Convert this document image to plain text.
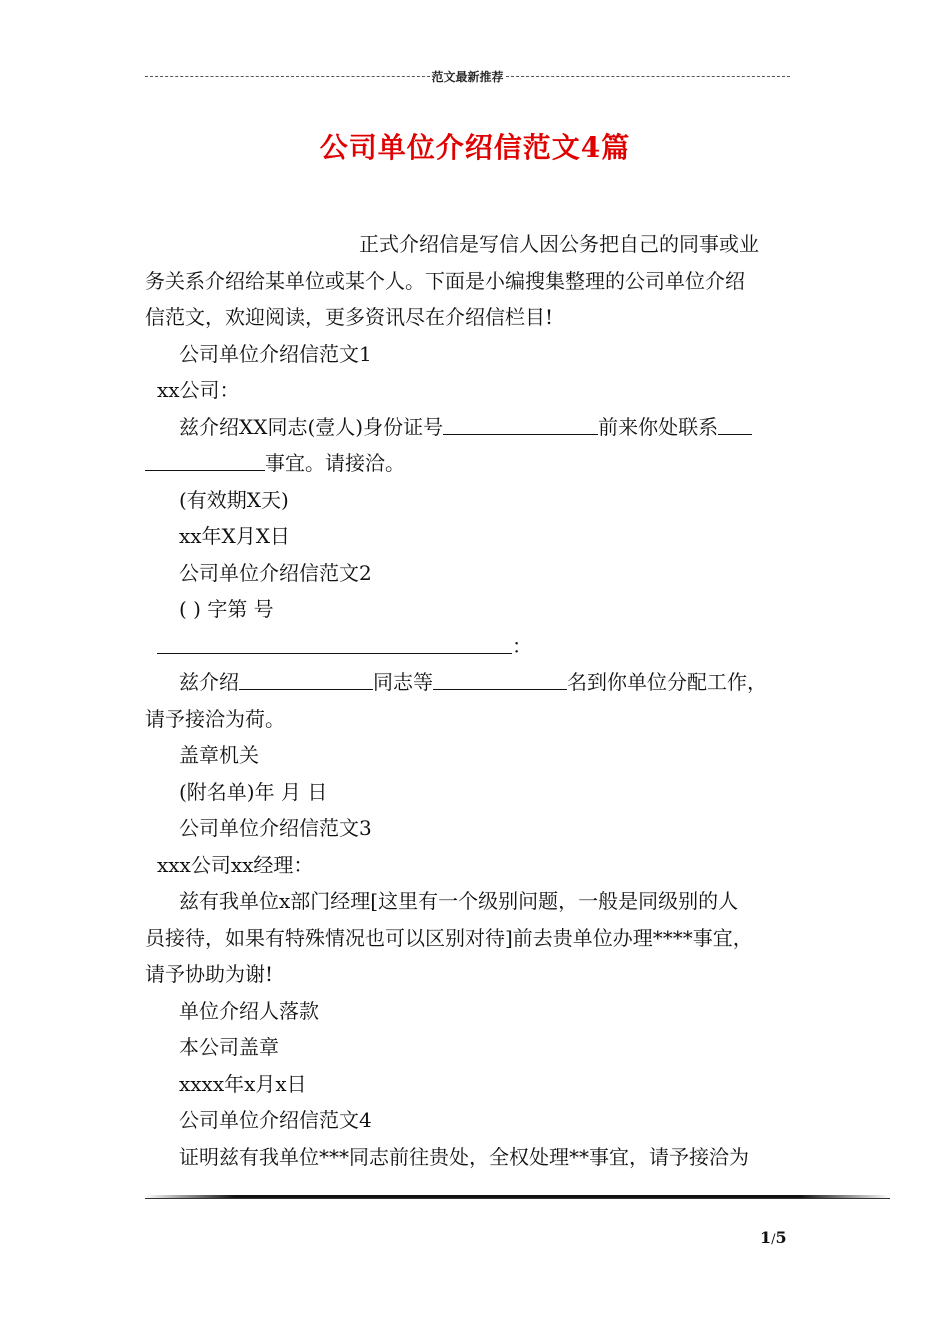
范文最新推荐
公司单位介绍信范文4篇
正式介绍信是写信人因公务把自己的同事或业
务关系介绍给某单位或某个人。下面是小编搜集整理的公司单位介绍
信范文，欢迎阅读，更多资讯尽在介绍信栏目!
公司单位介绍信范文1
xx公司：
兹介绍XX同志(壹人)身份证号	前来你处联系
事宜。请接洽。
(有效期X天)
xx年X月X日
公司单位介绍信范文2
( ) 字第 号
：
兹介绍	同志等	名到你单位分配工作，
请予接洽为荷。
盖章机关
(附名单)年 月 日
公司单位介绍信范文3
xxx公司xx经理：
兹有我单位x部门经理[这里有一个级别问题，一般是同级别的人
员接待，如果有特殊情况也可以区别对待]前去贵单位办理****事宜，
请予协助为谢!
单位介绍人落款
本公司盖章
xxxx年x月x日
公司单位介绍信范文4
证明兹有我单位***同志前往贵处，全权处理**事宜，请予接洽为
1/5
